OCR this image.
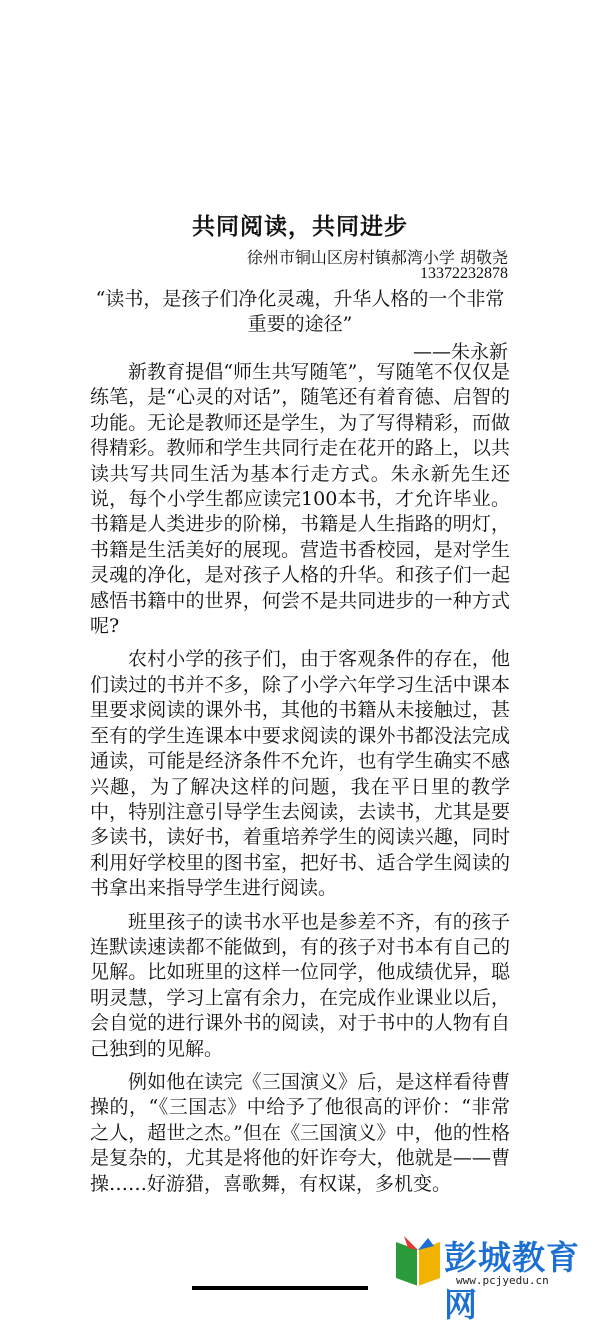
共同阅读，共同进步
徐州市铜山区房村镇郝湾小学 胡敬尧
13372232878
“读书，是孩子们净化灵魂，升华人格的一个非常重要的途径”
——朱永新

新教育提倡“师生共写随笔”，写随笔不仅仅是练笔，是“心灵的对话”，随笔还有着育德、启智的功能。无论是教师还是学生，为了写得精彩，而做得精彩。教师和学生共同行走在花开的路上，以共读共写共同生活为基本行走方式。朱永新先生还说，每个小学生都应读完100本书，才允许毕业。书籍是人类进步的阶梯，书籍是人生指路的明灯，书籍是生活美好的展现。营造书香校园，是对学生灵魂的净化，是对孩子人格的升华。和孩子们一起感悟书籍中的世界，何尝不是共同进步的一种方式呢?

农村小学的孩子们，由于客观条件的存在，他们读过的书并不多，除了小学六年学习生活中课本里要求阅读的课外书，其他的书籍从未接触过，甚至有的学生连课本中要求阅读的课外书都没法完成通读，可能是经济条件不允许，也有学生确实不感兴趣，为了解决这样的问题，我在平日里的教学中，特别注意引导学生去阅读，去读书，尤其是要多读书，读好书，着重培养学生的阅读兴趣，同时利用好学校里的图书室，把好书、适合学生阅读的书拿出来指导学生进行阅读。

班里孩子的读书水平也是参差不齐，有的孩子连默读速读都不能做到，有的孩子对书本有自己的见解。比如班里的这样一位同学，他成绩优异，聪明灵慧，学习上富有余力，在完成作业课业以后，会自觉的进行课外书的阅读，对于书中的人物有自己独到的见解。

例如他在读完《三国演义》后，是这样看待曹操的，“《三国志》中给予了他很高的评价：“非常之人，超世之杰。”但在《三国演义》中，他的性格是复杂的，尤其是将他的奸诈夸大，他就是——曹操……好游猎，喜歌舞，有权谋，多机变。

彭城教育网
www.pcjyedu.cn
